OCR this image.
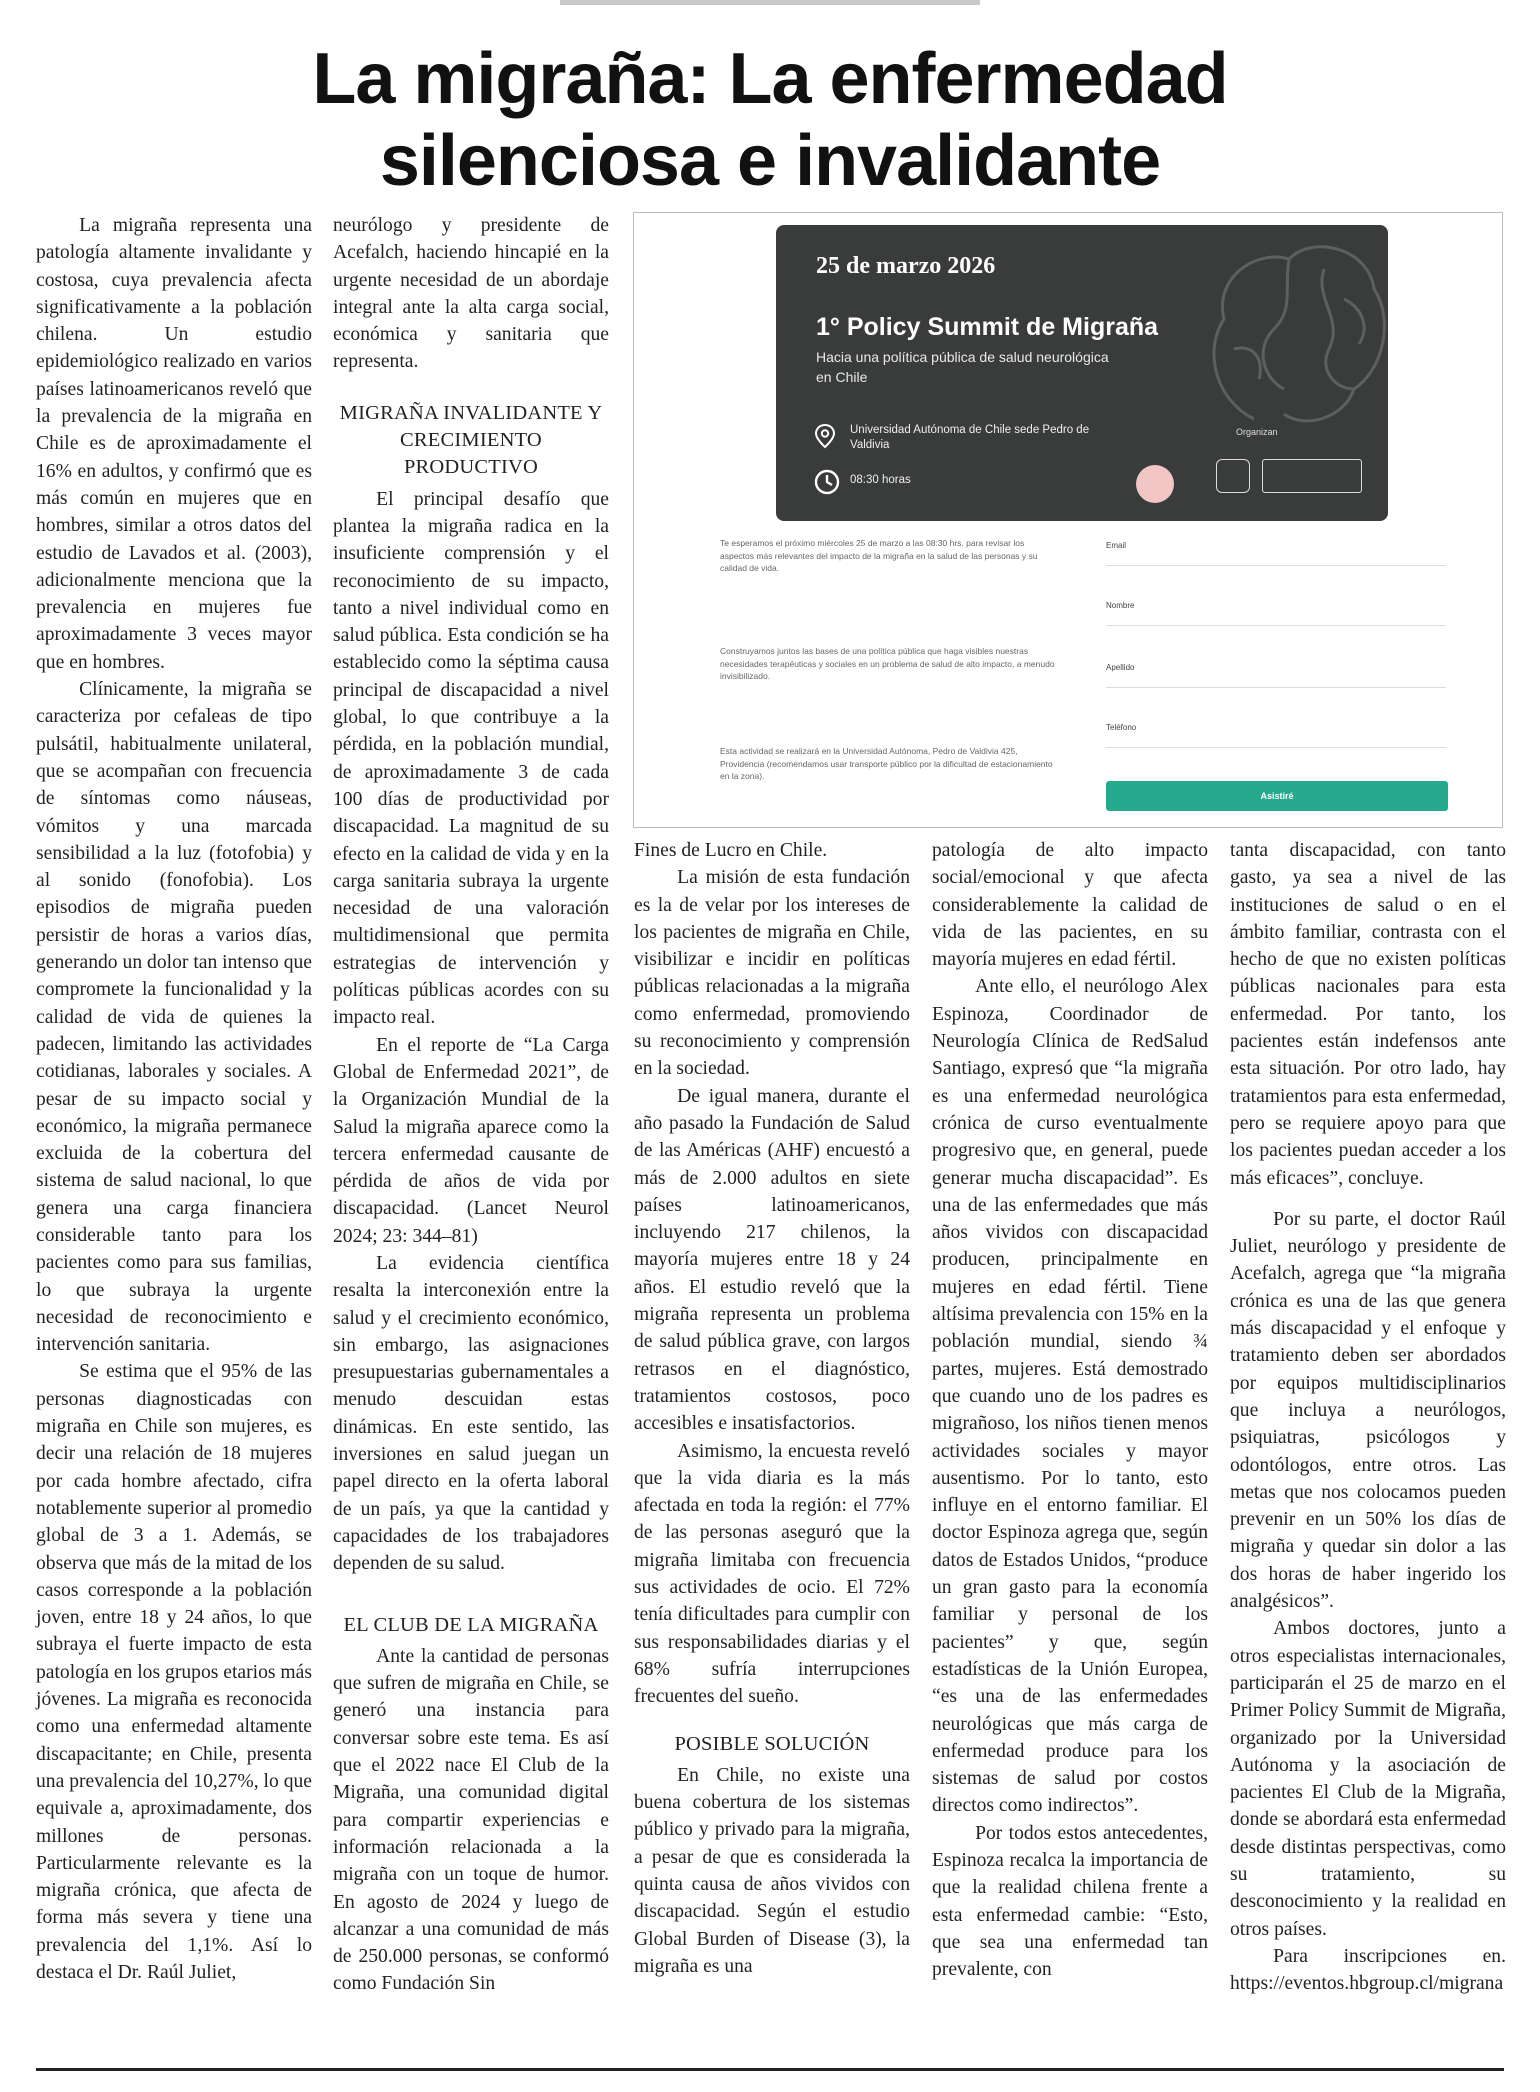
La migraña: La enfermedad
silenciosa e invalidante

La migraña representa una patología altamente invalidante y costosa, cuya prevalencia afecta significativamente a la población chilena. Un estudio epidemiológico realizado en varios países latinoamericanos reveló que la prevalencia de la migraña en Chile es de aproximadamente el 16% en adultos, y confirmó que es más común en mujeres que en hombres, similar a otros datos del estudio de Lavados et al. (2003), adicionalmente menciona que la prevalencia en mujeres fue aproximadamente 3 veces mayor que en hombres.

Clínicamente, la migraña se caracteriza por cefaleas de tipo pulsátil, habitualmente unilateral, que se acompañan con frecuencia de síntomas como náuseas, vómitos y una marcada sensibilidad a la luz (fotofobia) y al sonido (fonofobia). Los episodios de migraña pueden persistir de horas a varios días, generando un dolor tan intenso que compromete la funcionalidad y la calidad de vida de quienes la padecen, limitando las actividades cotidianas, laborales y sociales. A pesar de su impacto social y económico, la migraña permanece excluida de la cobertura del sistema de salud nacional, lo que genera una carga financiera considerable tanto para los pacientes como para sus familias, lo que subraya la urgente necesidad de reconocimiento e intervención sanitaria.

Se estima que el 95% de las personas diagnosticadas con migraña en Chile son mujeres, es decir una relación de 18 mujeres por cada hombre afectado, cifra notablemente superior al promedio global de 3 a 1. Además, se observa que más de la mitad de los casos corresponde a la población joven, entre 18 y 24 años, lo que subraya el fuerte impacto de esta patología en los grupos etarios más jóvenes. La migraña es reconocida como una enfermedad altamente discapacitante; en Chile, presenta una prevalencia del 10,27%, lo que equivale a, aproximadamente, dos millones de personas. Particularmente relevante es la migraña crónica, que afecta de forma más severa y tiene una prevalencia del 1,1%. Así lo destaca el Dr. Raúl Juliet,

neurólogo y presidente de Acefalch, haciendo hincapié en la urgente necesidad de un abordaje integral ante la alta carga social, económica y sanitaria que representa.

MIGRAÑA INVALIDANTE Y CRECIMIENTO PRODUCTIVO

El principal desafío que plantea la migraña radica en la insuficiente comprensión y el reconocimiento de su impacto, tanto a nivel individual como en salud pública. Esta condición se ha establecido como la séptima causa principal de discapacidad a nivel global, lo que contribuye a la pérdida, en la población mundial, de aproximadamente 3 de cada 100 días de productividad por discapacidad. La magnitud de su efecto en la calidad de vida y en la carga sanitaria subraya la urgente necesidad de una valoración multidimensional que permita estrategias de intervención y políticas públicas acordes con su impacto real.

En el reporte de “La Carga Global de Enfermedad 2021”, de la Organización Mundial de la Salud la migraña aparece como la tercera enfermedad causante de pérdida de años de vida por discapacidad. (Lancet Neurol 2024; 23: 344–81)

La evidencia científica resalta la interconexión entre la salud y el crecimiento económico, sin embargo, las asignaciones presupuestarias gubernamentales a menudo descuidan estas dinámicas. En este sentido, las inversiones en salud juegan un papel directo en la oferta laboral de un país, ya que la cantidad y capacidades de los trabajadores dependen de su salud.

EL CLUB DE LA MIGRAÑA

Ante la cantidad de personas que sufren de migraña en Chile, se generó una instancia para conversar sobre este tema. Es así que el 2022 nace El Club de la Migraña, una comunidad digital para compartir experiencias e información relacionada a la migraña con un toque de humor. En agosto de 2024 y luego de alcanzar a una comunidad de más de 250.000 personas, se conformó como Fundación Sin

25 de marzo 2026
1° Policy Summit de Migraña
Hacia una política pública de salud neurológica en Chile
Universidad Autónoma de Chile sede Pedro de Valdivia
08:30 horas
Organizan
Te esperamos el próximo miércoles 25 de marzo a las 08:30 hrs. para revisar los aspectos más relevantes del impacto de la migraña en la salud de las personas y su calidad de vida.
Construyamos juntos las bases de una política pública que haga visibles nuestras necesidades terapéuticas y sociales en un problema de salud de alto impacto, a menudo invisibilizado.
Esta actividad se realizará en la Universidad Autónoma, Pedro de Valdivia 425, Providencia (recomendamos usar transporte público por la dificultad de estacionamiento en la zona).
Email
Nombre
Apellido
Teléfono
Asistiré

Fines de Lucro en Chile.

La misión de esta fundación es la de velar por los intereses de los pacientes de migraña en Chile, visibilizar e incidir en políticas públicas relacionadas a la migraña como enfermedad, promoviendo su reconocimiento y comprensión en la sociedad.

De igual manera, durante el año pasado la Fundación de Salud de las Américas (AHF) encuestó a más de 2.000 adultos en siete países latinoamericanos, incluyendo 217 chilenos, la mayoría mujeres entre 18 y 24 años. El estudio reveló que la migraña representa un problema de salud pública grave, con largos retrasos en el diagnóstico, tratamientos costosos, poco accesibles e insatisfactorios.

Asimismo, la encuesta reveló que la vida diaria es la más afectada en toda la región: el 77% de las personas aseguró que la migraña limitaba con frecuencia sus actividades de ocio. El 72% tenía dificultades para cumplir con sus responsabilidades diarias y el 68% sufría interrupciones frecuentes del sueño.

POSIBLE SOLUCIÓN

En Chile, no existe una buena cobertura de los sistemas público y privado para la migraña, a pesar de que es considerada la quinta causa de años vividos con discapacidad. Según el estudio Global Burden of Disease (3), la migraña es una

patología de alto impacto social/emocional y que afecta considerablemente la calidad de vida de las pacientes, en su mayoría mujeres en edad fértil.

Ante ello, el neurólogo Alex Espinoza, Coordinador de Neurología Clínica de RedSalud Santiago, expresó que “la migraña es una enfermedad neurológica crónica de curso eventualmente progresivo que, en general, puede generar mucha discapacidad”. Es una de las enfermedades que más años vividos con discapacidad producen, principalmente en mujeres en edad fértil. Tiene altísima prevalencia con 15% en la población mundial, siendo ¾ partes, mujeres. Está demostrado que cuando uno de los padres es migrañoso, los niños tienen menos actividades sociales y mayor ausentismo. Por lo tanto, esto influye en el entorno familiar. El doctor Espinoza agrega que, según datos de Estados Unidos, “produce un gran gasto para la economía familiar y personal de los pacientes” y que, según estadísticas de la Unión Europea, “es una de las enfermedades neurológicas que más carga de enfermedad produce para los sistemas de salud por costos directos como indirectos”.

Por todos estos antecedentes, Espinoza recalca la importancia de que la realidad chilena frente a esta enfermedad cambie: “Esto, que sea una enfermedad tan prevalente, con

tanta discapacidad, con tanto gasto, ya sea a nivel de las instituciones de salud o en el ámbito familiar, contrasta con el hecho de que no existen políticas públicas nacionales para esta enfermedad. Por tanto, los pacientes están indefensos ante esta situación. Por otro lado, hay tratamientos para esta enfermedad, pero se requiere apoyo para que los pacientes puedan acceder a los más eficaces”, concluye.

Por su parte, el doctor Raúl Juliet, neurólogo y presidente de Acefalch, agrega que “la migraña crónica es una de las que genera más discapacidad y el enfoque y tratamiento deben ser abordados por equipos multidisciplinarios que incluya a neurólogos, psiquiatras, psicólogos y odontólogos, entre otros. Las metas que nos colocamos pueden prevenir en un 50% los días de migraña y quedar sin dolor a las dos horas de haber ingerido los analgésicos”.

Ambos doctores, junto a otros especialistas internacionales, participarán el 25 de marzo en el Primer Policy Summit de Migraña, organizado por la Universidad Autónoma y la asociación de pacientes El Club de la Migraña, donde se abordará esta enfermedad desde distintas perspectivas, como su tratamiento, su desconocimiento y la realidad en otros países.

Para inscripciones en. https://eventos.hbgroup.cl/migrana
